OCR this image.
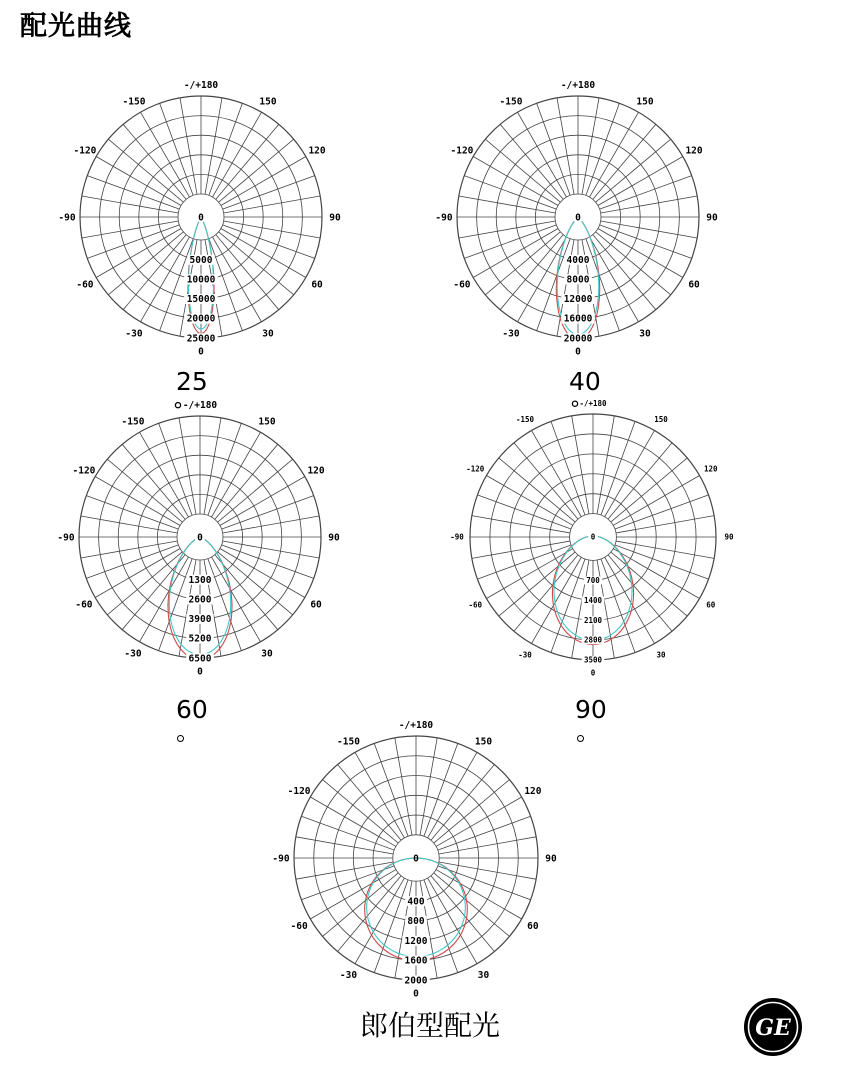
配光曲线
5000
10000
15000
20000
25000
0
-150	150
-120	120
-90	90
-60	60
-30	30
0
-/+180
25
4000
8000
12000
16000
20000
0
-150	150
-120	120
-90	90
-60	60
-30	30
0
-/+180
40
1300
2600
3900
5200
6500
0
-150	150
-120	120
-90	90
-60	60
-30	30
0
-/+180
60
700
1400
2100
2800
3500
0
-150	150
-120	120
-90	90
-60	60
-30	30
0
-/+180
90
400
800
1200
1600
2000
0
-150	150
-120	120
-90	90
-60	60
-30	30
0
-/+180
郎伯型配光	GE
